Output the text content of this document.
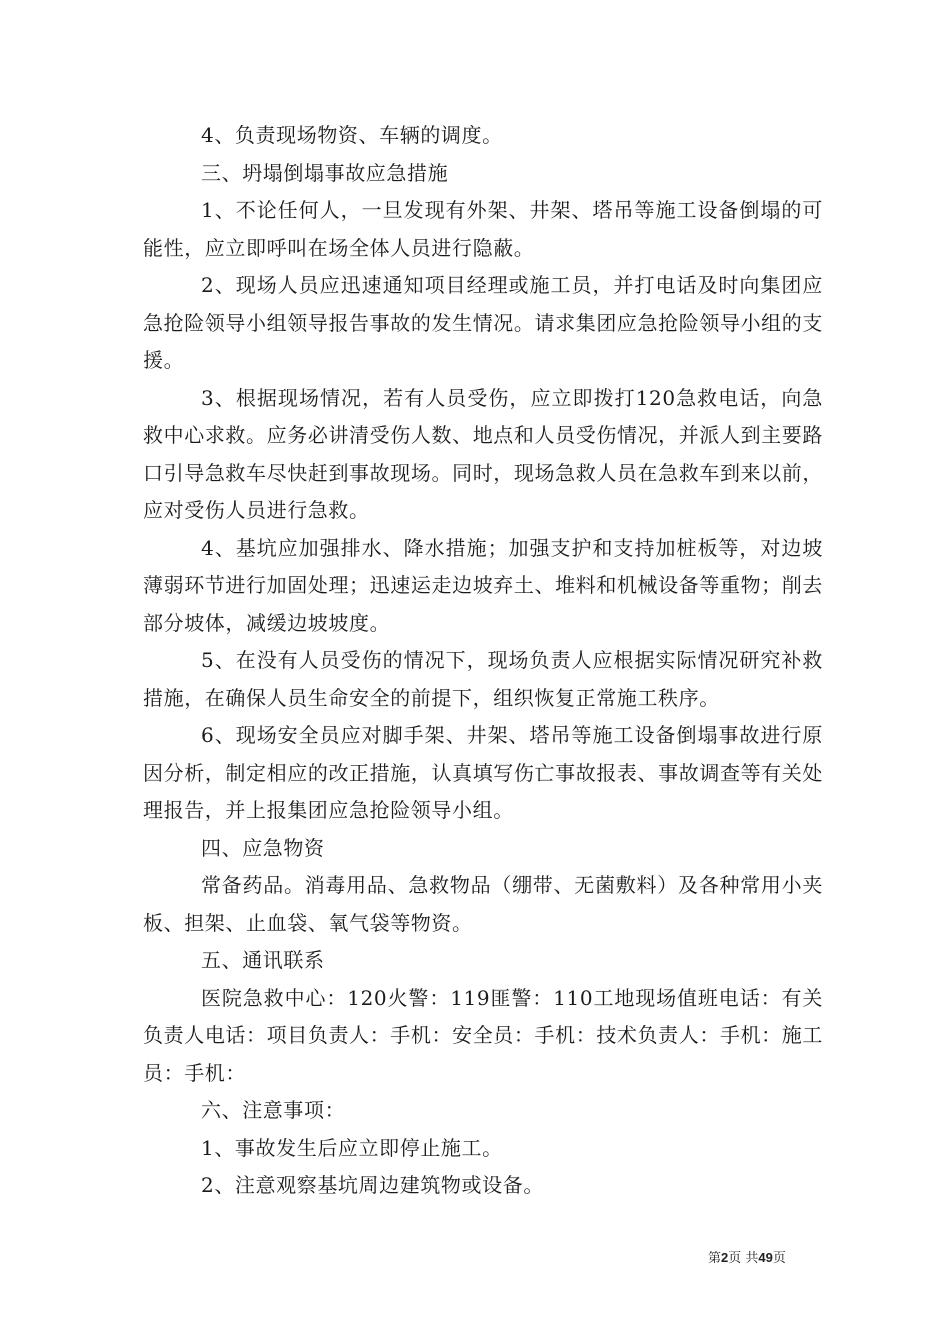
4、负责现场物资、车辆的调度。

三、坍塌倒塌事故应急措施

1、不论任何人，一旦发现有外架、井架、塔吊等施工设备倒塌的可能性，应立即呼叫在场全体人员进行隐蔽。

2、现场人员应迅速通知项目经理或施工员，并打电话及时向集团应急抢险领导小组领导报告事故的发生情况。请求集团应急抢险领导小组的支援。

3、根据现场情况，若有人员受伤，应立即拨打120急救电话，向急救中心求救。应务必讲清受伤人数、地点和人员受伤情况，并派人到主要路口引导急救车尽快赶到事故现场。同时，现场急救人员在急救车到来以前，应对受伤人员进行急救。

4、基坑应加强排水、降水措施；加强支护和支持加桩板等，对边坡薄弱环节进行加固处理；迅速运走边坡弃土、堆料和机械设备等重物；削去部分坡体，减缓边坡坡度。

5、在没有人员受伤的情况下，现场负责人应根据实际情况研究补救措施，在确保人员生命安全的前提下，组织恢复正常施工秩序。

6、现场安全员应对脚手架、井架、塔吊等施工设备倒塌事故进行原因分析，制定相应的改正措施，认真填写伤亡事故报表、事故调查等有关处理报告，并上报集团应急抢险领导小组。

四、应急物资

常备药品。消毒用品、急救物品（绷带、无菌敷料）及各种常用小夹板、担架、止血袋、氧气袋等物资。

五、通讯联系

医院急救中心：120火警：119匪警：110工地现场值班电话：有关负责人电话：项目负责人：手机：安全员：手机：技术负责人：手机：施工员：手机：

六、注意事项：

1、事故发生后应立即停止施工。

2、注意观察基坑周边建筑物或设备。

第2页 共49页
